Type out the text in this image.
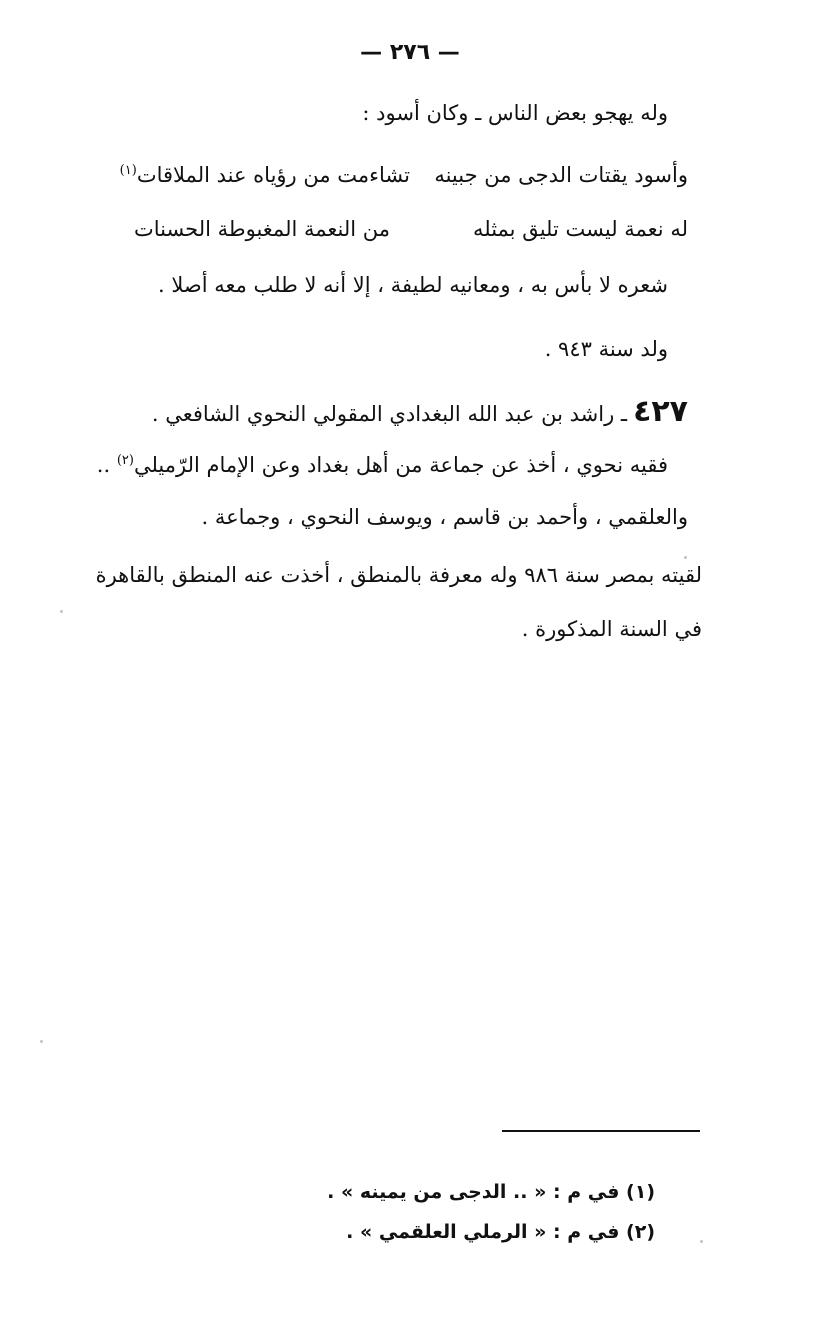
— ٢٧٦ —
وله يهجو بعض الناس ـ وكان أسود :
وأسود يقتات الدجى من جبينه
تشاءمت من رؤياه عند الملاقات$^{(١)}$
له نعمة ليست تليق بمثله
من النعمة المغبوطة الحسنات
شعره لا بأس به ، ومعانيه لطيفة ، إلا أنه لا طلب معه أصلا .
ولد سنة ٩٤٣ .
٤٢٧ـ راشد بن عبد الله البغدادي المقولي النحوي الشافعي .
فقيه نحوي ، أخذ عن جماعة من أهل بغداد وعن الإمام الرّميلي$^{(٢)}$ ..
والعلقمي ، وأحمد بن قاسم ، ويوسف النحوي ، وجماعة .
لقيته بمصر سنة ٩٨٦ وله معرفة بالمنطق ، أخذت عنه المنطق بالقاهرة
في السنة المذكورة .
(١) في م : « .. الدجى من يمينه » .
(٢) في م : « الرملي العلقمي » .
